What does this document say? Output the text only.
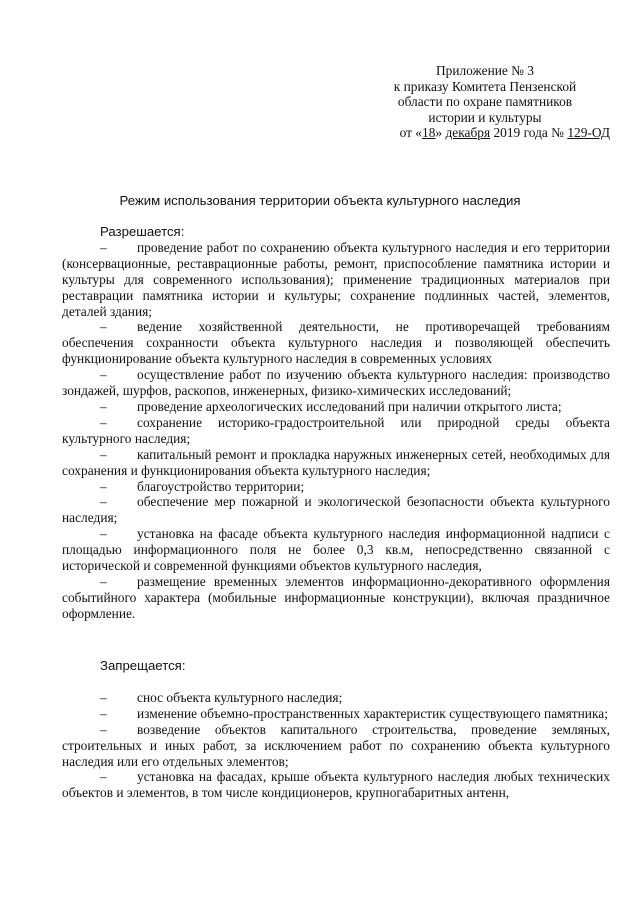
Приложение № 3
к приказу Комитета Пензенской
области по охране памятников
истории и культуры
от «18» декабря 2019 года № 129-ОД
Режим использования территории объекта культурного наследия
Разрешается:
– проведение работ по сохранению объекта культурного наследия и его территории (консервационные, реставрационные работы, ремонт, приспособление памятника истории и культуры для современного использования); применение традиционных материалов при реставрации памятника истории и культуры; сохранение подлинных частей, элементов, деталей здания;
– ведение хозяйственной деятельности, не противоречащей требованиям обеспечения сохранности объекта культурного наследия и позволяющей обеспечить функционирование объекта культурного наследия в современных условиях
– осуществление работ по изучению объекта культурного наследия: производство зондажей, шурфов, раскопов, инженерных, физико-химических исследований;
– проведение археологических исследований при наличии открытого листа;
– сохранение историко-градостроительной или природной среды объекта культурного наследия;
– капитальный ремонт и прокладка наружных инженерных сетей, необходимых для сохранения и функционирования объекта культурного наследия;
– благоустройство территории;
– обеспечение мер пожарной и экологической безопасности объекта культурного наследия;
– установка на фасаде объекта культурного наследия информационной надписи с площадью информационного поля не более 0,3 кв.м, непосредственно связанной с исторической и современной функциями объектов культурного наследия,
– размещение временных элементов информационно-декоративного оформления событийного характера (мобильные информационные конструкции), включая праздничное оформление.
Запрещается:
– снос объекта культурного наследия;
– изменение объемно-пространственных характеристик существующего памятника;
– возведение объектов капитального строительства, проведение земляных, строительных и иных работ, за исключением работ по сохранению объекта культурного наследия или его отдельных элементов;
– установка на фасадах, крыше объекта культурного наследия любых технических объектов и элементов, в том числе кондиционеров, крупногабаритных антенн,
